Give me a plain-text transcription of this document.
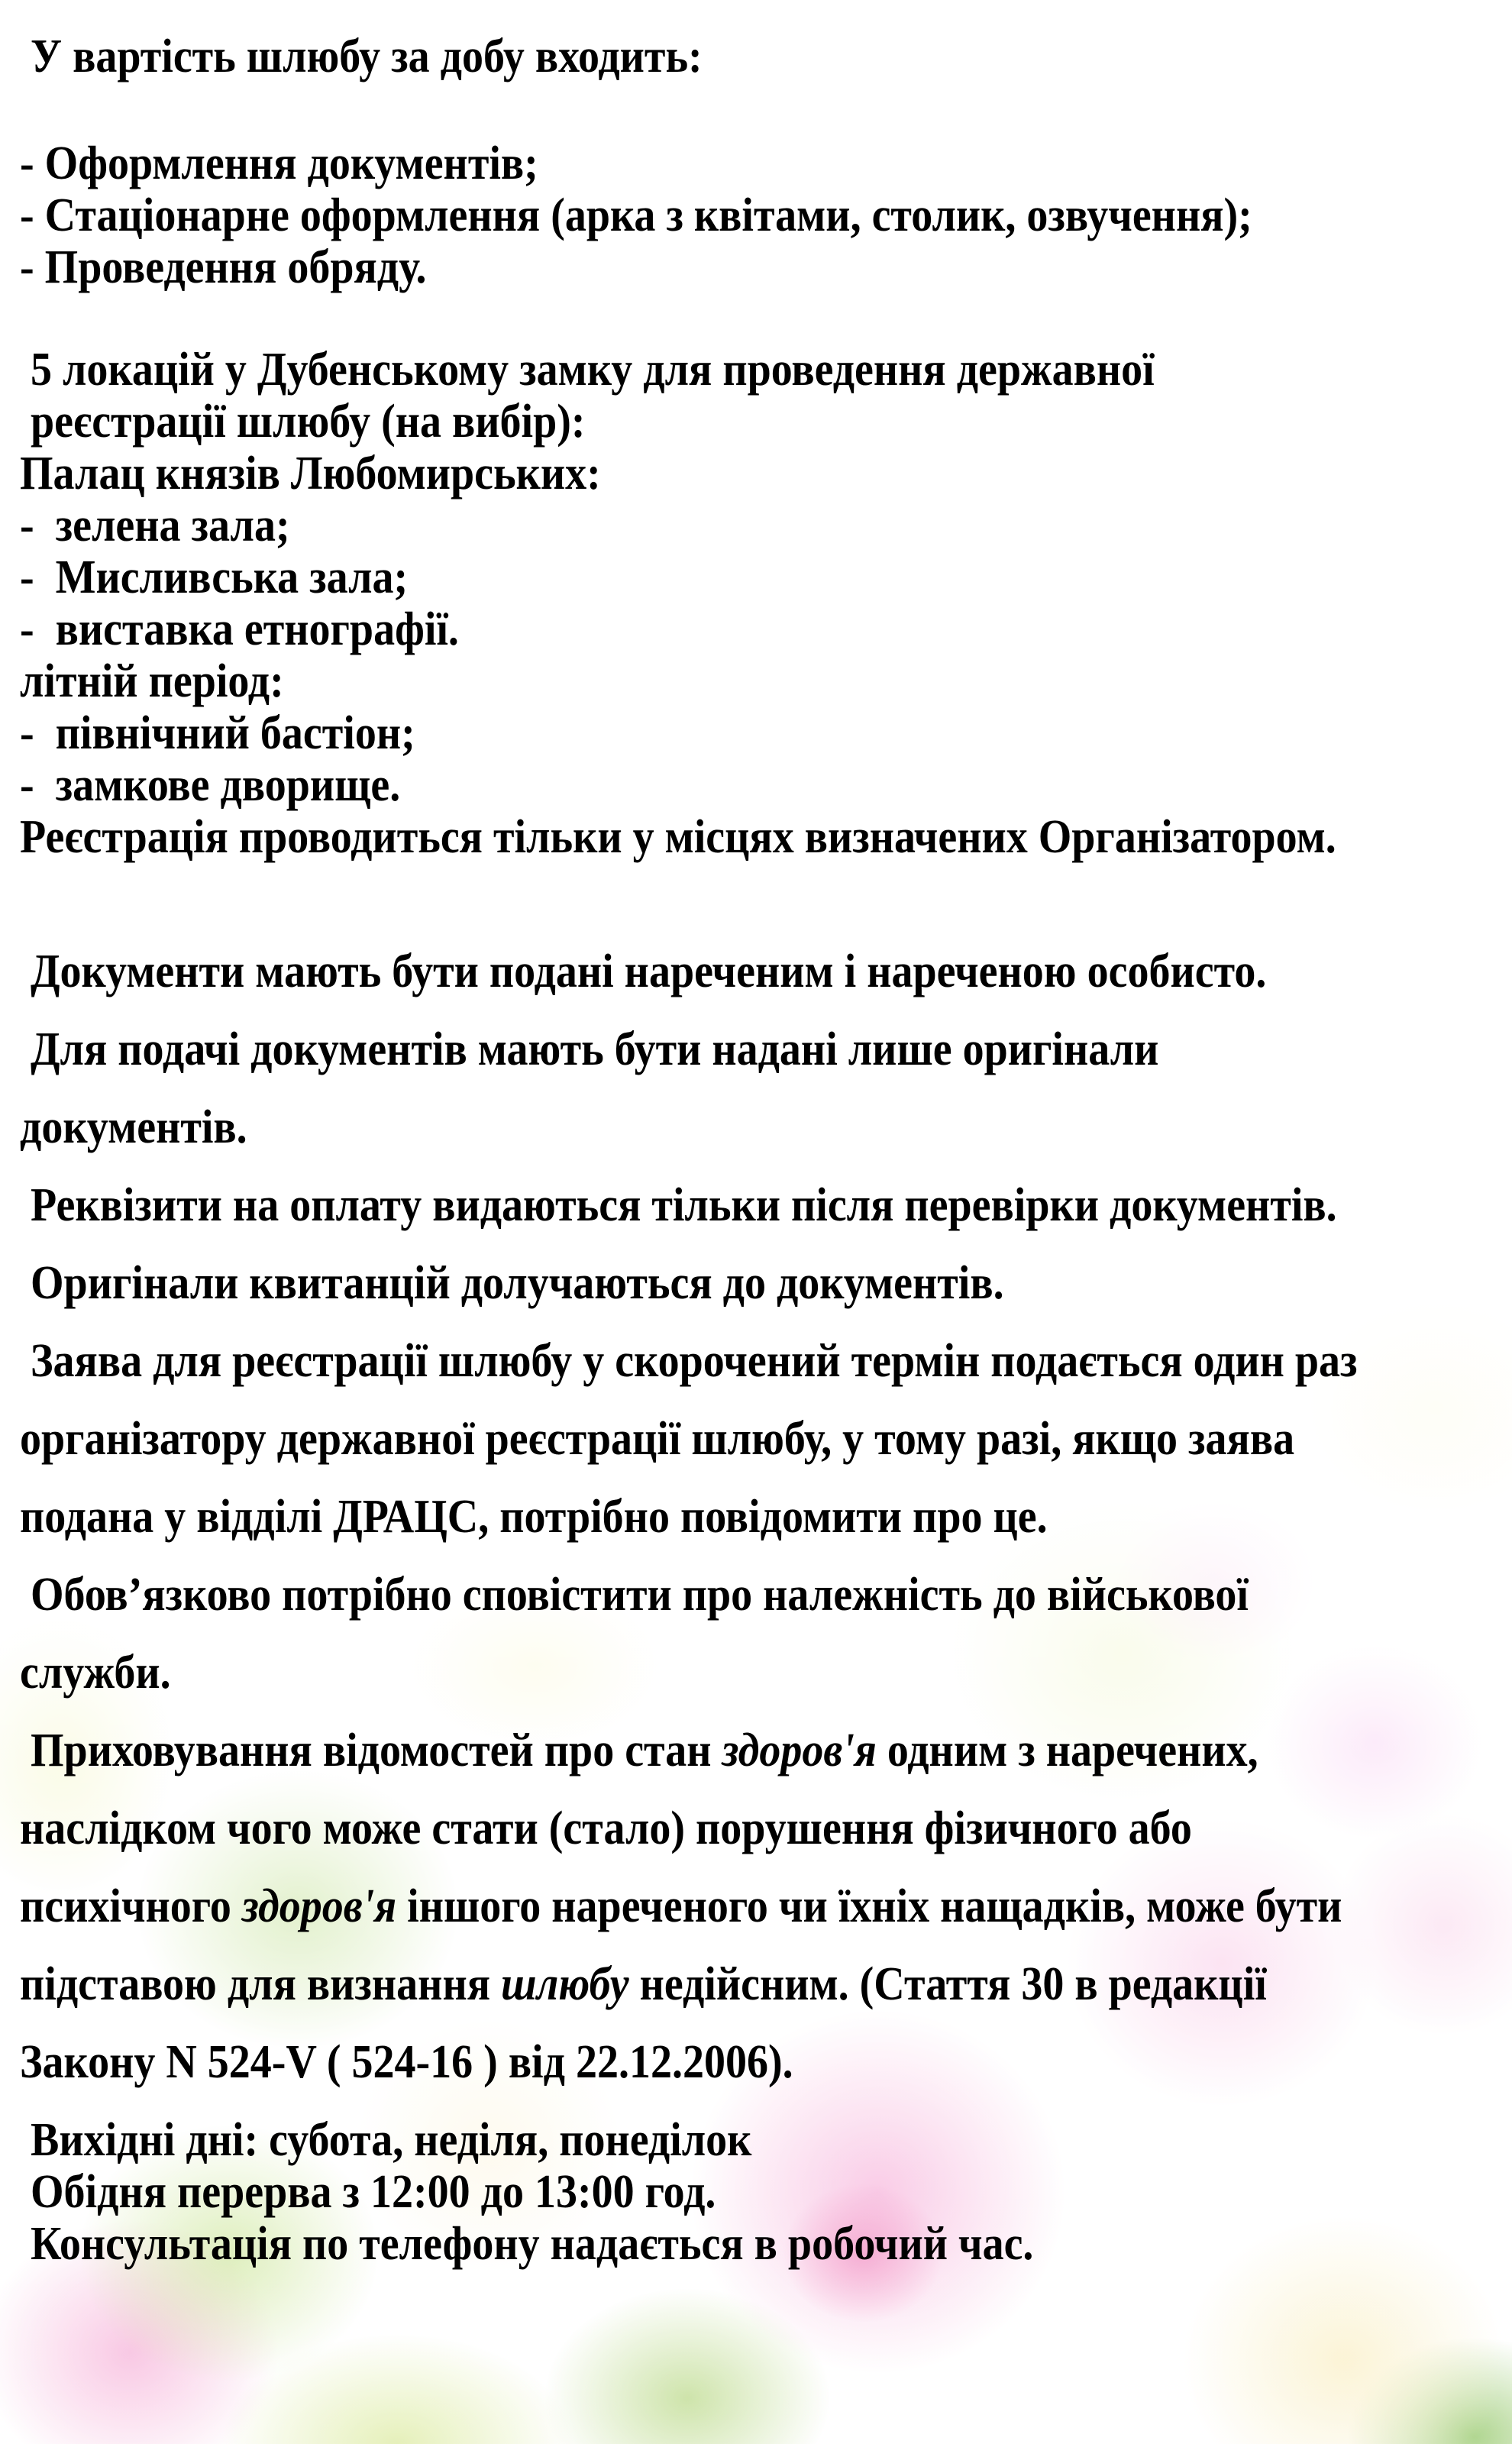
У вартість шлюбу за добу входить:
- Оформлення документів;
- Стаціонарне оформлення (арка з квітами, столик, озвучення);
- Проведення обряду.
5 локацій у Дубенському замку для проведення державної
реєстрації шлюбу (на вибір):
Палац князів Любомирських:
-  зелена зала;
-  Мисливська зала;
-  виставка етнографії.
літній період:
-  північний бастіон;
-  замкове дворище.
Реєстрація проводиться тільки у місцях визначених Організатором.
Документи мають бути подані нареченим і нареченою особисто.
Для подачі документів мають бути надані лише оригінали
документів.
Реквізити на оплату видаються тільки після перевірки документів.
Оригінали квитанцій долучаються до документів.
Заява для реєстрації шлюбу у скорочений термін подається один раз
організатору державної реєстрації шлюбу, у тому разі, якщо заява
подана у відділі ДРАЦС, потрібно повідомити про це.
Обов’язково потрібно сповістити про належність до військової
служби.
Приховування відомостей про стан здоров'я одним з наречених,
наслідком чого може стати (стало) порушення фізичного або
психічного здоров'я іншого нареченого чи їхніх нащадків, може бути
підставою для визнання шлюбу недійсним. (Стаття 30 в редакції
Закону N 524-V ( 524-16 ) від 22.12.2006).
Вихідні дні: субота, неділя, понеділок
Обідня перерва з 12:00 до 13:00 год.
Консультація по телефону надається в робочий час.
